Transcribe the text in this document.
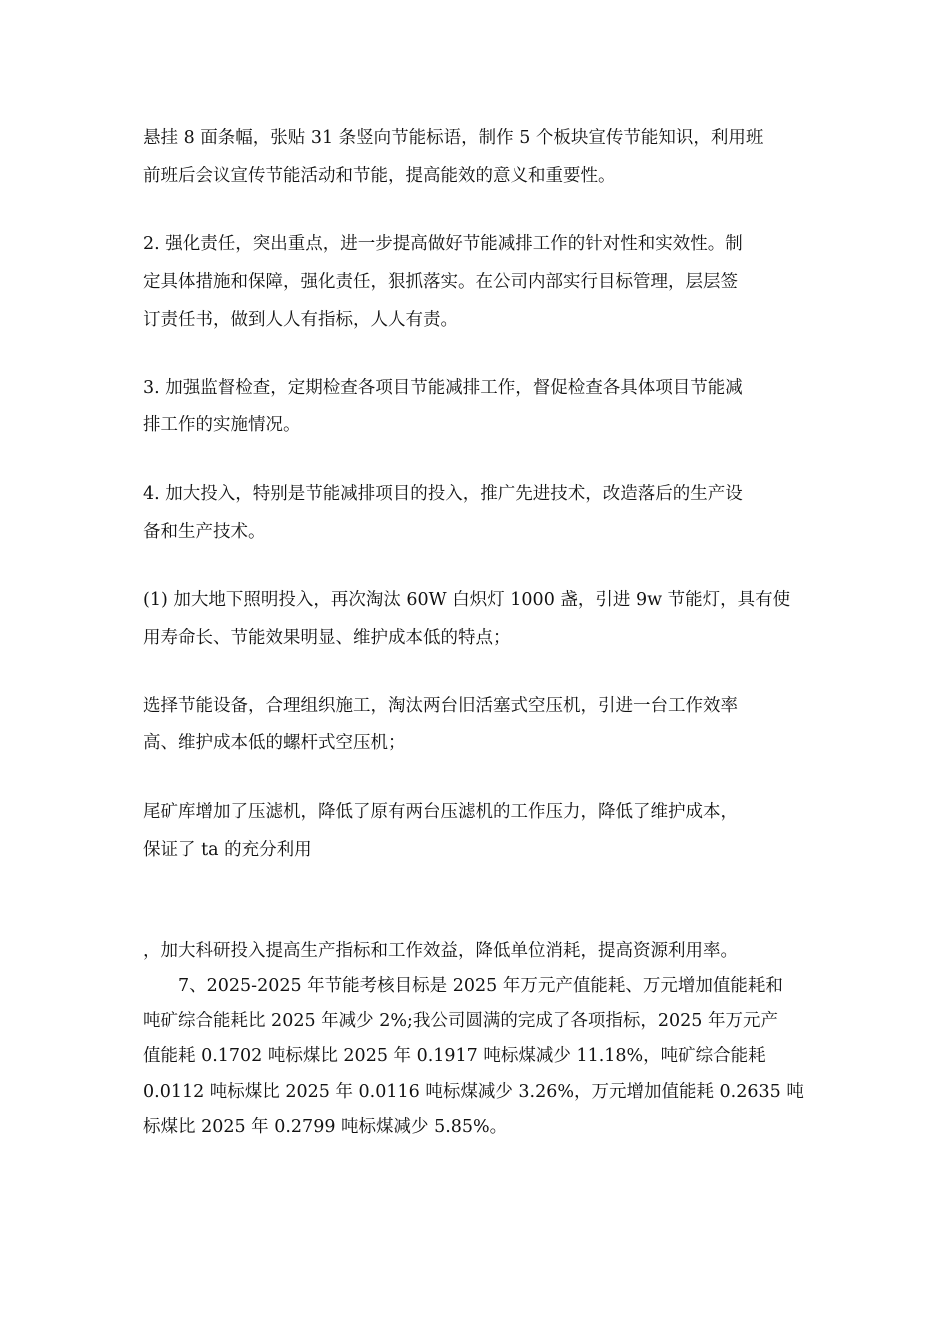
悬挂 8 面条幅，张贴 31 条竖向节能标语，制作 5 个板块宣传节能知识，利用班
前班后会议宣传节能活动和节能，提高能效的意义和重要性。
2. 强化责任，突出重点，进一步提高做好节能减排工作的针对性和实效性。制
定具体措施和保障，强化责任，狠抓落实。在公司内部实行目标管理，层层签
订责任书，做到人人有指标，人人有责。
3. 加强监督检查，定期检查各项目节能减排工作，督促检查各具体项目节能减
排工作的实施情况。
4. 加大投入，特别是节能减排项目的投入，推广先进技术，改造落后的生产设
备和生产技术。
(1) 加大地下照明投入，再次淘汰 60W 白炽灯 1000 盏，引进 9w 节能灯，具有使
用寿命长、节能效果明显、维护成本低的特点；
选择节能设备，合理组织施工，淘汰两台旧活塞式空压机，引进一台工作效率
高、维护成本低的螺杆式空压机；
尾矿库增加了压滤机，降低了原有两台压滤机的工作压力，降低了维护成本，
保证了 ta 的充分利用
，加大科研投入提高生产指标和工作效益，降低单位消耗，提高资源利用率。
　　7、2025-2025 年节能考核目标是 2025 年万元产值能耗、万元增加值能耗和
吨矿综合能耗比 2025 年减少 2%;我公司圆满的完成了各项指标，2025 年万元产
值能耗 0.1702 吨标煤比 2025 年 0.1917 吨标煤减少 11.18%，吨矿综合能耗
0.0112 吨标煤比 2025 年 0.0116 吨标煤减少 3.26%，万元增加值能耗 0.2635 吨
标煤比 2025 年 0.2799 吨标煤减少 5.85%。
